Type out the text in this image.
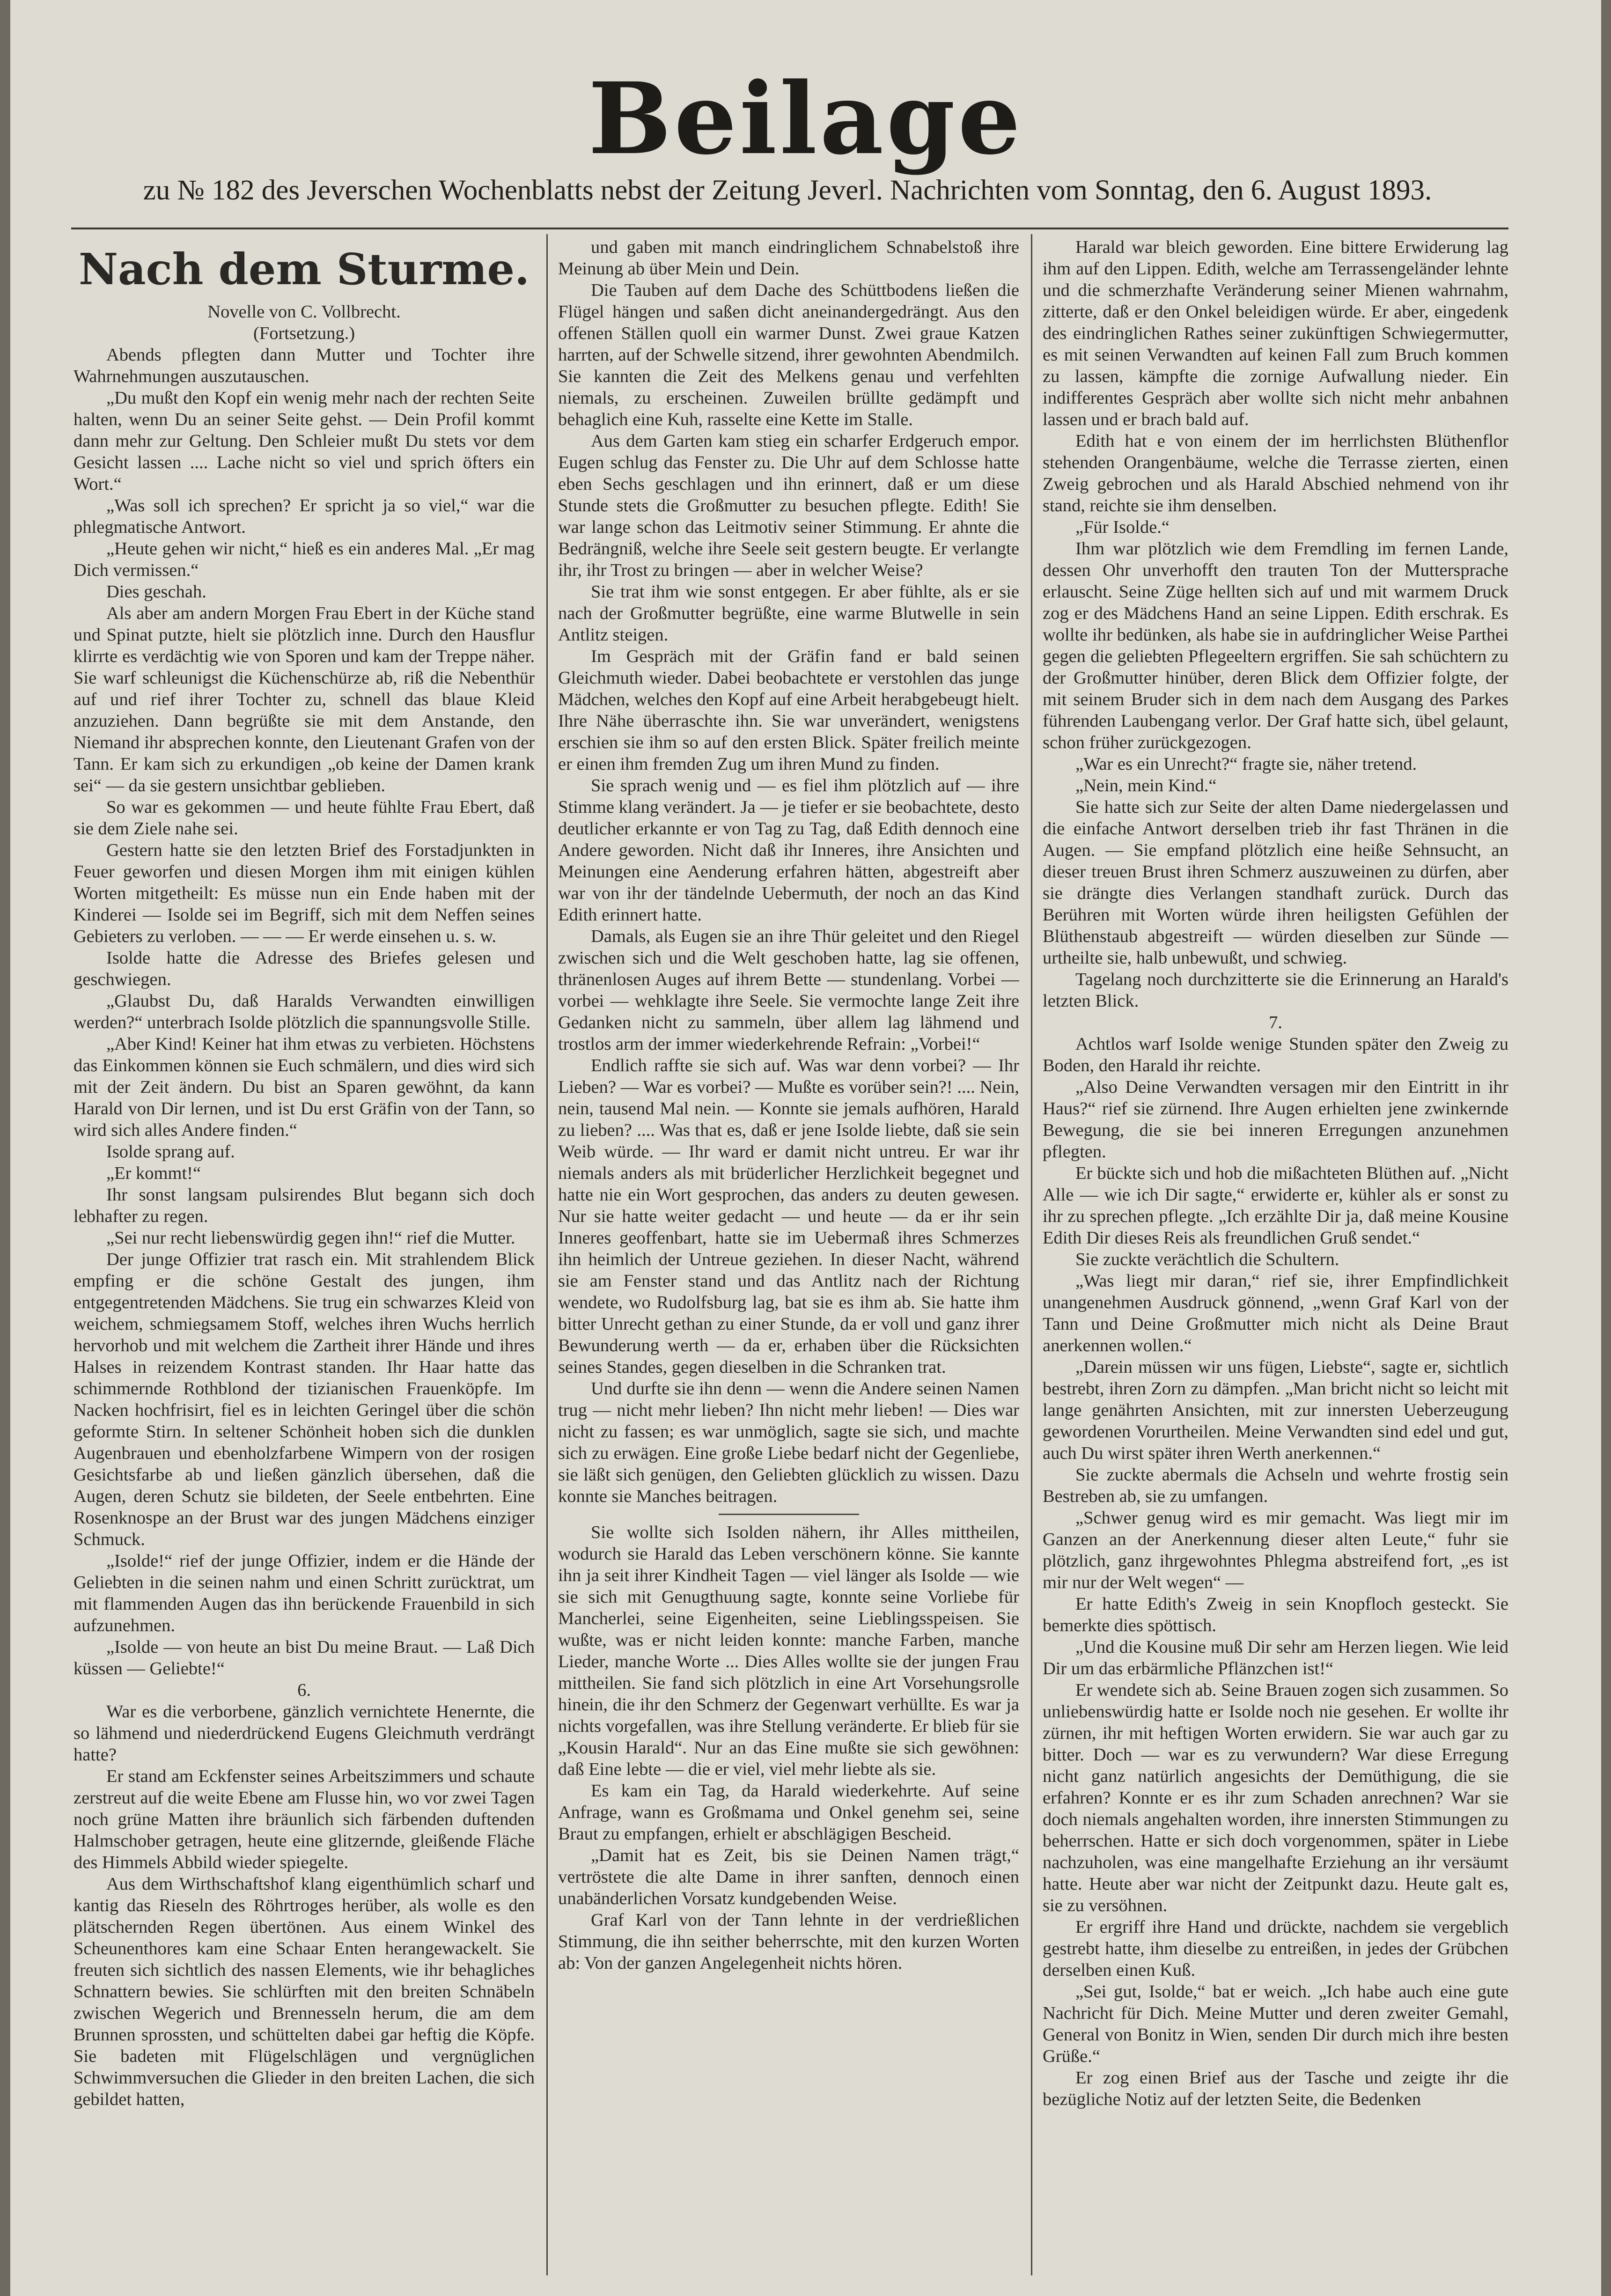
Beilage
zu № 182 des Jeverschen Wochenblatts nebst der Zeitung Jeverl. Nachrichten vom Sonntag, den 6. August 1893.
Nach dem Sturme.

Novelle von C. Vollbrecht.

(Fortsetzung.)

Abends pflegten dann Mutter und Tochter ihre Wahrnehmungen auszutauschen.

„Du mußt den Kopf ein wenig mehr nach der rechten Seite halten, wenn Du an seiner Seite gehst. — Dein Profil kommt dann mehr zur Geltung. Den Schleier mußt Du stets vor dem Gesicht lassen .... Lache nicht so viel und sprich öfters ein Wort.“

„Was soll ich sprechen? Er spricht ja so viel,“ war die phlegmatische Antwort.

„Heute gehen wir nicht,“ hieß es ein anderes Mal. „Er mag Dich vermissen.“

Dies geschah.

Als aber am andern Morgen Frau Ebert in der Küche stand und Spinat putzte, hielt sie plötzlich inne. Durch den Hausflur klirrte es verdächtig wie von Sporen und kam der Treppe näher. Sie warf schleunigst die Küchenschürze ab, riß die Nebenthür auf und rief ihrer Tochter zu, schnell das blaue Kleid anzuziehen. Dann begrüßte sie mit dem Anstande, den Niemand ihr absprechen konnte, den Lieutenant Grafen von der Tann. Er kam sich zu erkundigen „ob keine der Damen krank sei“ — da sie gestern unsichtbar geblieben.

So war es gekommen — und heute fühlte Frau Ebert, daß sie dem Ziele nahe sei.

Gestern hatte sie den letzten Brief des Forstadjunkten in Feuer geworfen und diesen Morgen ihm mit einigen kühlen Worten mitgetheilt: Es müsse nun ein Ende haben mit der Kinderei — Isolde sei im Begriff, sich mit dem Neffen seines Gebieters zu verloben. — — — Er werde einsehen u. s. w.

Isolde hatte die Adresse des Briefes gelesen und geschwiegen.

„Glaubst Du, daß Haralds Verwandten einwilligen werden?“ unterbrach Isolde plötzlich die spannungsvolle Stille.

„Aber Kind! Keiner hat ihm etwas zu verbieten. Höchstens das Einkommen können sie Euch schmälern, und dies wird sich mit der Zeit ändern. Du bist an Sparen gewöhnt, da kann Harald von Dir lernen, und ist Du erst Gräfin von der Tann, so wird sich alles Andere finden.“

Isolde sprang auf.

„Er kommt!“

Ihr sonst langsam pulsirendes Blut begann sich doch lebhafter zu regen.

„Sei nur recht liebenswürdig gegen ihn!“ rief die Mutter.

Der junge Offizier trat rasch ein. Mit strahlendem Blick empfing er die schöne Gestalt des jungen, ihm entgegentretenden Mädchens. Sie trug ein schwarzes Kleid von weichem, schmiegsamem Stoff, welches ihren Wuchs herrlich hervorhob und mit welchem die Zartheit ihrer Hände und ihres Halses in reizendem Kontrast standen. Ihr Haar hatte das schimmernde Rothblond der tizianischen Frauenköpfe. Im Nacken hochfrisirt, fiel es in leichten Geringel über die schön geformte Stirn. In seltener Schönheit hoben sich die dunklen Augenbrauen und ebenholzfarbene Wimpern von der rosigen Gesichtsfarbe ab und ließen gänzlich übersehen, daß die Augen, deren Schutz sie bildeten, der Seele entbehrten. Eine Rosenknospe an der Brust war des jungen Mädchens einziger Schmuck.

„Isolde!“ rief der junge Offizier, indem er die Hände der Geliebten in die seinen nahm und einen Schritt zurücktrat, um mit flammenden Augen das ihn berückende Frauenbild in sich aufzunehmen.

„Isolde — von heute an bist Du meine Braut. — Laß Dich küssen — Geliebte!“

6.

War es die verborbene, gänzlich vernichtete Henernte, die so lähmend und niederdrückend Eugens Gleichmuth verdrängt hatte?

Er stand am Eckfenster seines Arbeitszimmers und schaute zerstreut auf die weite Ebene am Flusse hin, wo vor zwei Tagen noch grüne Matten ihre bräunlich sich färbenden duftenden Halmschober getragen, heute eine glitzernde, gleißende Fläche des Himmels Abbild wieder spiegelte.

Aus dem Wirthschaftshof klang eigenthümlich scharf und kantig das Rieseln des Röhrtroges herüber, als wolle es den plätschernden Regen übertönen. Aus einem Winkel des Scheunenthores kam eine Schaar Enten herangewackelt. Sie freuten sich sichtlich des nassen Elements, wie ihr behagliches Schnattern bewies. Sie schlürften mit den breiten Schnäbeln zwischen Wegerich und Brennesseln herum, die am dem Brunnen sprossten, und schüttelten dabei gar heftig die Köpfe. Sie badeten mit Flügelschlägen und vergnüglichen Schwimmversuchen die Glieder in den breiten Lachen, die sich gebildet hatten,

und gaben mit manch eindringlichem Schnabelstoß ihre Meinung ab über Mein und Dein.

Die Tauben auf dem Dache des Schüttbodens ließen die Flügel hängen und saßen dicht aneinandergedrängt. Aus den offenen Ställen quoll ein warmer Dunst. Zwei graue Katzen harrten, auf der Schwelle sitzend, ihrer gewohnten Abendmilch. Sie kannten die Zeit des Melkens genau und verfehlten niemals, zu erscheinen. Zuweilen brüllte gedämpft und behaglich eine Kuh, rasselte eine Kette im Stalle.

Aus dem Garten kam stieg ein scharfer Erdgeruch empor. Eugen schlug das Fenster zu. Die Uhr auf dem Schlosse hatte eben Sechs geschlagen und ihn erinnert, daß er um diese Stunde stets die Großmutter zu besuchen pflegte. Edith! Sie war lange schon das Leitmotiv seiner Stimmung. Er ahnte die Bedrängniß, welche ihre Seele seit gestern beugte. Er verlangte ihr, ihr Trost zu bringen — aber in welcher Weise?

Sie trat ihm wie sonst entgegen. Er aber fühlte, als er sie nach der Großmutter begrüßte, eine warme Blutwelle in sein Antlitz steigen.

Im Gespräch mit der Gräfin fand er bald seinen Gleichmuth wieder. Dabei beobachtete er verstohlen das junge Mädchen, welches den Kopf auf eine Arbeit herabgebeugt hielt. Ihre Nähe überraschte ihn. Sie war unverändert, wenigstens erschien sie ihm so auf den ersten Blick. Später freilich meinte er einen ihm fremden Zug um ihren Mund zu finden.

Sie sprach wenig und — es fiel ihm plötzlich auf — ihre Stimme klang verändert. Ja — je tiefer er sie beobachtete, desto deutlicher erkannte er von Tag zu Tag, daß Edith dennoch eine Andere geworden. Nicht daß ihr Inneres, ihre Ansichten und Meinungen eine Aenderung erfahren hätten, abgestreift aber war von ihr der tändelnde Uebermuth, der noch an das Kind Edith erinnert hatte.

Damals, als Eugen sie an ihre Thür geleitet und den Riegel zwischen sich und die Welt geschoben hatte, lag sie offenen, thränenlosen Auges auf ihrem Bette — stundenlang. Vorbei — vorbei — wehklagte ihre Seele. Sie vermochte lange Zeit ihre Gedanken nicht zu sammeln, über allem lag lähmend und trostlos arm der immer wiederkehrende Refrain: „Vorbei!“

Endlich raffte sie sich auf. Was war denn vorbei? — Ihr Lieben? — War es vorbei? — Mußte es vorüber sein?! .... Nein, nein, tausend Mal nein. — Konnte sie jemals aufhören, Harald zu lieben? .... Was that es, daß er jene Isolde liebte, daß sie sein Weib würde. — Ihr ward er damit nicht untreu. Er war ihr niemals anders als mit brüderlicher Herzlichkeit begegnet und hatte nie ein Wort gesprochen, das anders zu deuten gewesen. Nur sie hatte weiter gedacht — und heute — da er ihr sein Inneres geoffenbart, hatte sie im Uebermaß ihres Schmerzes ihn heimlich der Untreue geziehen. In dieser Nacht, während sie am Fenster stand und das Antlitz nach der Richtung wendete, wo Rudolfsburg lag, bat sie es ihm ab. Sie hatte ihm bitter Unrecht gethan zu einer Stunde, da er voll und ganz ihrer Bewunderung werth — da er, erhaben über die Rücksichten seines Standes, gegen dieselben in die Schranken trat.

Und durfte sie ihn denn — wenn die Andere seinen Namen trug — nicht mehr lieben? Ihn nicht mehr lieben! — Dies war nicht zu fassen; es war unmöglich, sagte sie sich, und machte sich zu erwägen. Eine große Liebe bedarf nicht der Gegenliebe, sie läßt sich genügen, den Geliebten glücklich zu wissen. Dazu konnte sie Manches beitragen.

Sie wollte sich Isolden nähern, ihr Alles mittheilen, wodurch sie Harald das Leben verschönern könne. Sie kannte ihn ja seit ihrer Kindheit Tagen — viel länger als Isolde — wie sie sich mit Genugthuung sagte, konnte seine Vorliebe für Mancherlei, seine Eigenheiten, seine Lieblingsspeisen. Sie wußte, was er nicht leiden konnte: manche Farben, manche Lieder, manche Worte ... Dies Alles wollte sie der jungen Frau mittheilen. Sie fand sich plötzlich in eine Art Vorsehungsrolle hinein, die ihr den Schmerz der Gegenwart verhüllte. Es war ja nichts vorgefallen, was ihre Stellung veränderte. Er blieb für sie „Kousin Harald“. Nur an das Eine mußte sie sich gewöhnen: daß Eine lebte — die er viel, viel mehr liebte als sie.

Es kam ein Tag, da Harald wiederkehrte. Auf seine Anfrage, wann es Großmama und Onkel genehm sei, seine Braut zu empfangen, erhielt er abschlägigen Bescheid.

„Damit hat es Zeit, bis sie Deinen Namen trägt,“ vertröstete die alte Dame in ihrer sanften, dennoch einen unabänderlichen Vorsatz kundgebenden Weise.

Graf Karl von der Tann lehnte in der verdrießlichen Stimmung, die ihn seither beherrschte, mit den kurzen Worten ab: Von der ganzen Angelegenheit nichts hören.

Harald war bleich geworden. Eine bittere Erwiderung lag ihm auf den Lippen. Edith, welche am Terrassengeländer lehnte und die schmerzhafte Veränderung seiner Mienen wahrnahm, zitterte, daß er den Onkel beleidigen würde. Er aber, eingedenk des eindringlichen Rathes seiner zukünftigen Schwiegermutter, es mit seinen Verwandten auf keinen Fall zum Bruch kommen zu lassen, kämpfte die zornige Aufwallung nieder. Ein indifferentes Gespräch aber wollte sich nicht mehr anbahnen lassen und er brach bald auf.

Edith hat e von einem der im herrlichsten Blüthenflor stehenden Orangenbäume, welche die Terrasse zierten, einen Zweig gebrochen und als Harald Abschied nehmend von ihr stand, reichte sie ihm denselben.

„Für Isolde.“

Ihm war plötzlich wie dem Fremdling im fernen Lande, dessen Ohr unverhofft den trauten Ton der Muttersprache erlauscht. Seine Züge hellten sich auf und mit warmem Druck zog er des Mädchens Hand an seine Lippen. Edith erschrak. Es wollte ihr bedünken, als habe sie in aufdringlicher Weise Parthei gegen die geliebten Pflegeeltern ergriffen. Sie sah schüchtern zu der Großmutter hinüber, deren Blick dem Offizier folgte, der mit seinem Bruder sich in dem nach dem Ausgang des Parkes führenden Laubengang verlor. Der Graf hatte sich, übel gelaunt, schon früher zurückgezogen.

„War es ein Unrecht?“ fragte sie, näher tretend.

„Nein, mein Kind.“

Sie hatte sich zur Seite der alten Dame niedergelassen und die einfache Antwort derselben trieb ihr fast Thränen in die Augen. — Sie empfand plötzlich eine heiße Sehnsucht, an dieser treuen Brust ihren Schmerz auszuweinen zu dürfen, aber sie drängte dies Verlangen standhaft zurück. Durch das Berühren mit Worten würde ihren heiligsten Gefühlen der Blüthenstaub abgestreift — würden dieselben zur Sünde — urtheilte sie, halb unbewußt, und schwieg.

Tagelang noch durchzitterte sie die Erinnerung an Harald's letzten Blick.

7.

Achtlos warf Isolde wenige Stunden später den Zweig zu Boden, den Harald ihr reichte.

„Also Deine Verwandten versagen mir den Eintritt in ihr Haus?“ rief sie zürnend. Ihre Augen erhielten jene zwinkernde Bewegung, die sie bei inneren Erregungen anzunehmen pflegten.

Er bückte sich und hob die mißachteten Blüthen auf. „Nicht Alle — wie ich Dir sagte,“ erwiderte er, kühler als er sonst zu ihr zu sprechen pflegte. „Ich erzählte Dir ja, daß meine Kousine Edith Dir dieses Reis als freundlichen Gruß sendet.“

Sie zuckte verächtlich die Schultern.

„Was liegt mir daran,“ rief sie, ihrer Empfindlichkeit unangenehmen Ausdruck gönnend, „wenn Graf Karl von der Tann und Deine Großmutter mich nicht als Deine Braut anerkennen wollen.“

„Darein müssen wir uns fügen, Liebste“, sagte er, sichtlich bestrebt, ihren Zorn zu dämpfen. „Man bricht nicht so leicht mit lange genährten Ansichten, mit zur innersten Ueberzeugung gewordenen Vorurtheilen. Meine Verwandten sind edel und gut, auch Du wirst später ihren Werth anerkennen.“

Sie zuckte abermals die Achseln und wehrte frostig sein Bestreben ab, sie zu umfangen.

„Schwer genug wird es mir gemacht. Was liegt mir im Ganzen an der Anerkennung dieser alten Leute,“ fuhr sie plötzlich, ganz ihrgewohntes Phlegma abstreifend fort, „es ist mir nur der Welt wegen“ —

Er hatte Edith's Zweig in sein Knopfloch gesteckt. Sie bemerkte dies spöttisch.

„Und die Kousine muß Dir sehr am Herzen liegen. Wie leid Dir um das erbärmliche Pflänzchen ist!“

Er wendete sich ab. Seine Brauen zogen sich zusammen. So unliebenswürdig hatte er Isolde noch nie gesehen. Er wollte ihr zürnen, ihr mit heftigen Worten erwidern. Sie war auch gar zu bitter. Doch — war es zu verwundern? War diese Erregung nicht ganz natürlich angesichts der Demüthigung, die sie erfahren? Konnte er es ihr zum Schaden anrechnen? War sie doch niemals angehalten worden, ihre innersten Stimmungen zu beherrschen. Hatte er sich doch vorgenommen, später in Liebe nachzuholen, was eine mangelhafte Erziehung an ihr versäumt hatte. Heute aber war nicht der Zeitpunkt dazu. Heute galt es, sie zu versöhnen.

Er ergriff ihre Hand und drückte, nachdem sie vergeblich gestrebt hatte, ihm dieselbe zu entreißen, in jedes der Grübchen derselben einen Kuß.

„Sei gut, Isolde,“ bat er weich. „Ich habe auch eine gute Nachricht für Dich. Meine Mutter und deren zweiter Gemahl, General von Bonitz in Wien, senden Dir durch mich ihre besten Grüße.“

Er zog einen Brief aus der Tasche und zeigte ihr die bezügliche Notiz auf der letzten Seite, die Bedenken
